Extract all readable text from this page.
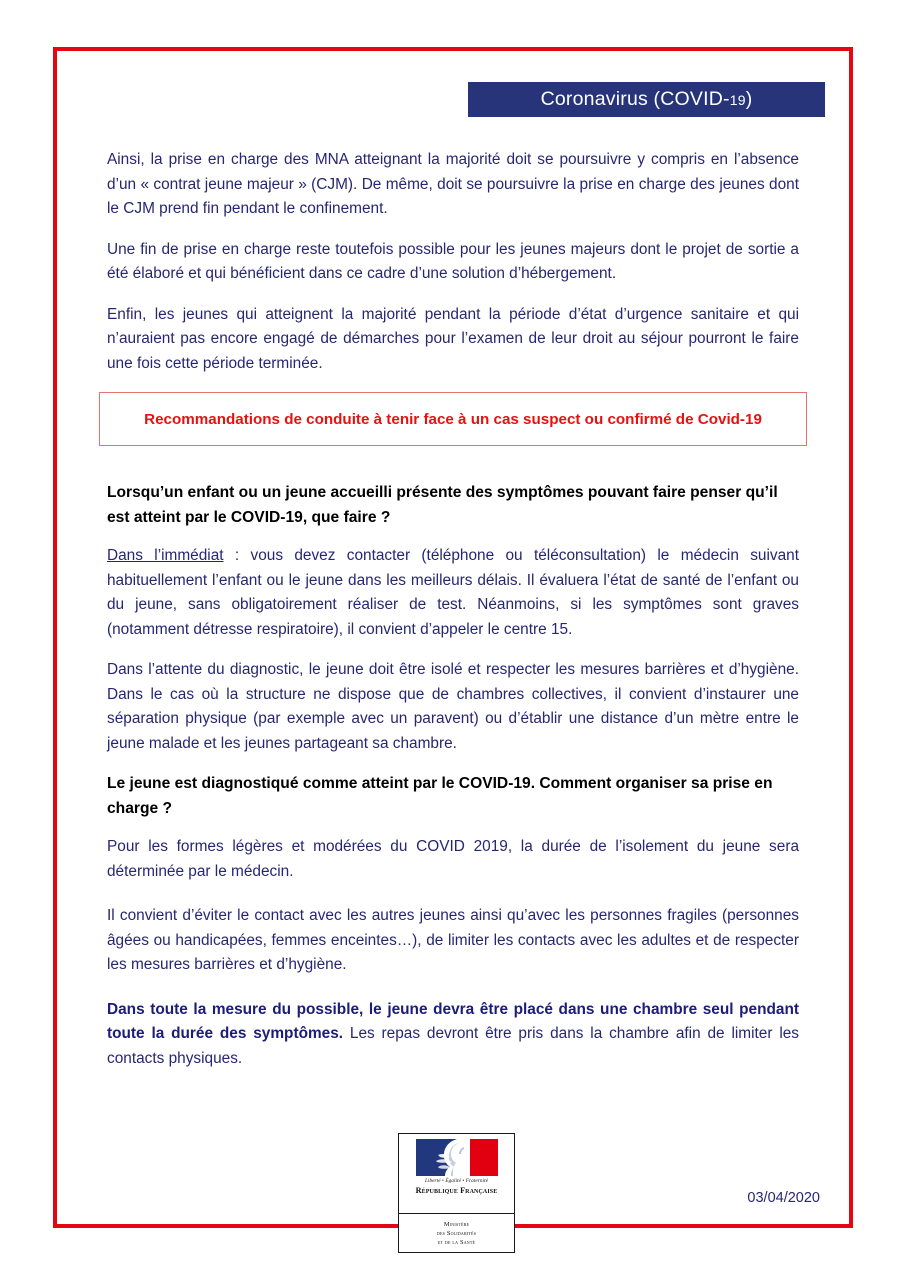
Coronavirus (COVID-19)

Ainsi, la prise en charge des MNA atteignant la majorité doit se poursuivre y compris en l’absence d’un « contrat jeune majeur » (CJM). De même, doit se poursuivre la prise en charge des jeunes dont le CJM prend fin pendant le confinement.

Une fin de prise en charge reste toutefois possible pour les jeunes majeurs dont le projet de sortie a été élaboré et qui bénéficient dans ce cadre d’une solution d’hébergement.

Enfin, les jeunes qui atteignent la majorité pendant la période d’état d’urgence sanitaire et qui n’auraient pas encore engagé de démarches pour l’examen de leur droit au séjour pourront le faire une fois cette période terminée.

Recommandations de conduite à tenir face à un cas suspect ou confirmé de Covid-19
Lorsqu’un enfant ou un jeune accueilli présente des symptômes pouvant faire penser qu’il est atteint par le COVID-19, que faire ?

Dans l’immédiat : vous devez contacter (téléphone ou téléconsultation) le médecin suivant habituellement l’enfant ou le jeune dans les meilleurs délais. Il évaluera l’état de santé de l’enfant ou du jeune, sans obligatoirement réaliser de test. Néanmoins, si les symptômes sont graves (notamment détresse respiratoire), il convient d’appeler le centre 15.

Dans l’attente du diagnostic, le jeune doit être isolé et respecter les mesures barrières et d’hygiène. Dans le cas où la structure ne dispose que de chambres collectives, il convient d’instaurer une séparation physique (par exemple avec un paravent) ou d’établir une distance d’un mètre entre le jeune malade et les jeunes partageant sa chambre.

Le jeune est diagnostiqué comme atteint par le COVID-19. Comment organiser sa prise en charge ?

Pour les formes légères et modérées du COVID 2019, la durée de l’isolement du jeune sera déterminée par le médecin.

Il convient d’éviter le contact avec les autres jeunes ainsi qu’avec les personnes fragiles (personnes âgées ou handicapées, femmes enceintes…), de limiter les contacts avec les adultes et de respecter les mesures barrières et d’hygiène.

Dans toute la mesure du possible, le jeune devra être placé dans une chambre seul pendant toute la durée des symptômes. Les repas devront être pris dans la chambre afin de limiter les contacts physiques.

Liberté • Égalité • Fraternité
République Française
Ministère
des Solidarités
et de la Santé
03/04/2020
